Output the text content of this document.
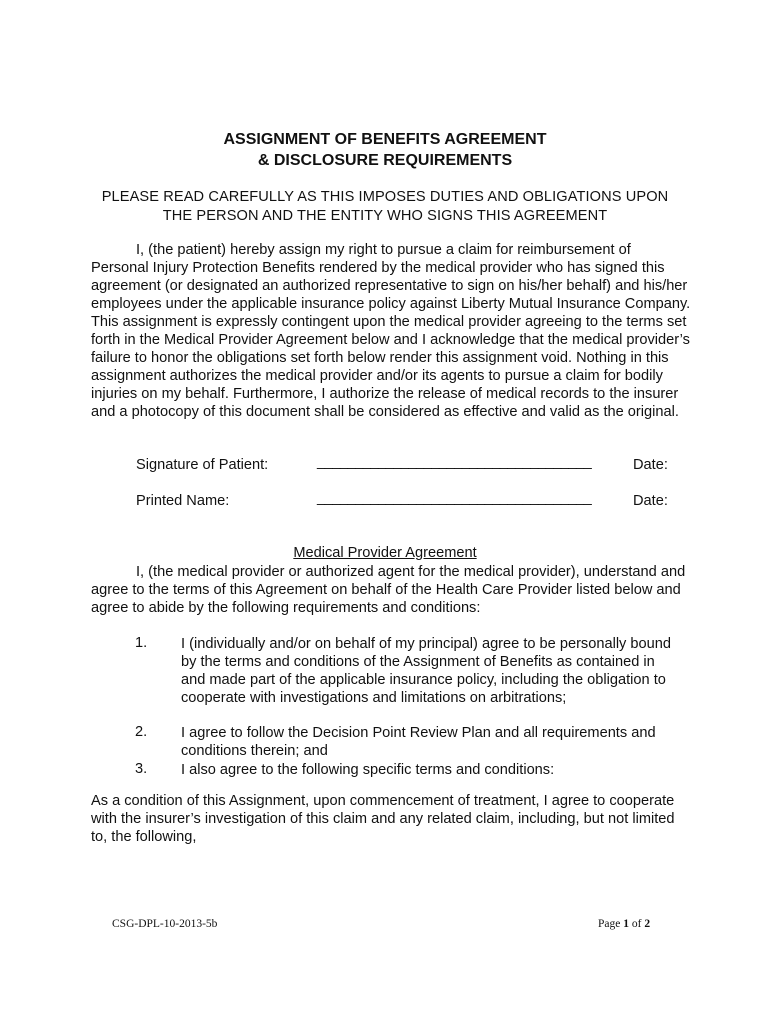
ASSIGNMENT OF BENEFITS AGREEMENT
& DISCLOSURE REQUIREMENTS
PLEASE READ CAREFULLY AS THIS IMPOSES DUTIES AND OBLIGATIONS UPON
THE PERSON AND THE ENTITY WHO SIGNS THIS AGREEMENT

I, (the patient) hereby assign my right to pursue a claim for reimbursement of Personal Injury Protection Benefits rendered by the medical provider who has signed this agreement (or designated an authorized representative to sign on his/her behalf) and his/her employees under the applicable insurance policy against Liberty Mutual Insurance Company. This assignment is expressly contingent upon the medical provider agreeing to the terms set forth in the Medical Provider Agreement below and I acknowledge that the medical provider’s failure to honor the obligations set forth below render this assignment void. Nothing in this assignment authorizes the medical provider and/or its agents to pursue a claim for bodily injuries on my behalf. Furthermore, I authorize the release of medical records to the insurer and a photocopy of this document shall be considered as effective and valid as the original.

Signature of Patient:	____________________________________	Date:
Printed Name:	____________________________________	Date:
Medical Provider Agreement

I, (the medical provider or authorized agent for the medical provider), understand and agree to the terms of this Agreement on behalf of the Health Care Provider listed below and agree to abide by the following requirements and conditions:

1. I (individually and/or on behalf of my principal) agree to be personally bound by the terms and conditions of the Assignment of Benefits as contained in and made part of the applicable insurance policy, including the obligation to cooperate with investigations and limitations on arbitrations;
2. I agree to follow the Decision Point Review Plan and all requirements and conditions therein; and
3. I also agree to the following specific terms and conditions:

As a condition of this Assignment, upon commencement of treatment, I agree to cooperate with the insurer’s investigation of this claim and any related claim, including, but not limited to, the following,

CSG-DPL-10-2013-5b	Page 1 of 2
